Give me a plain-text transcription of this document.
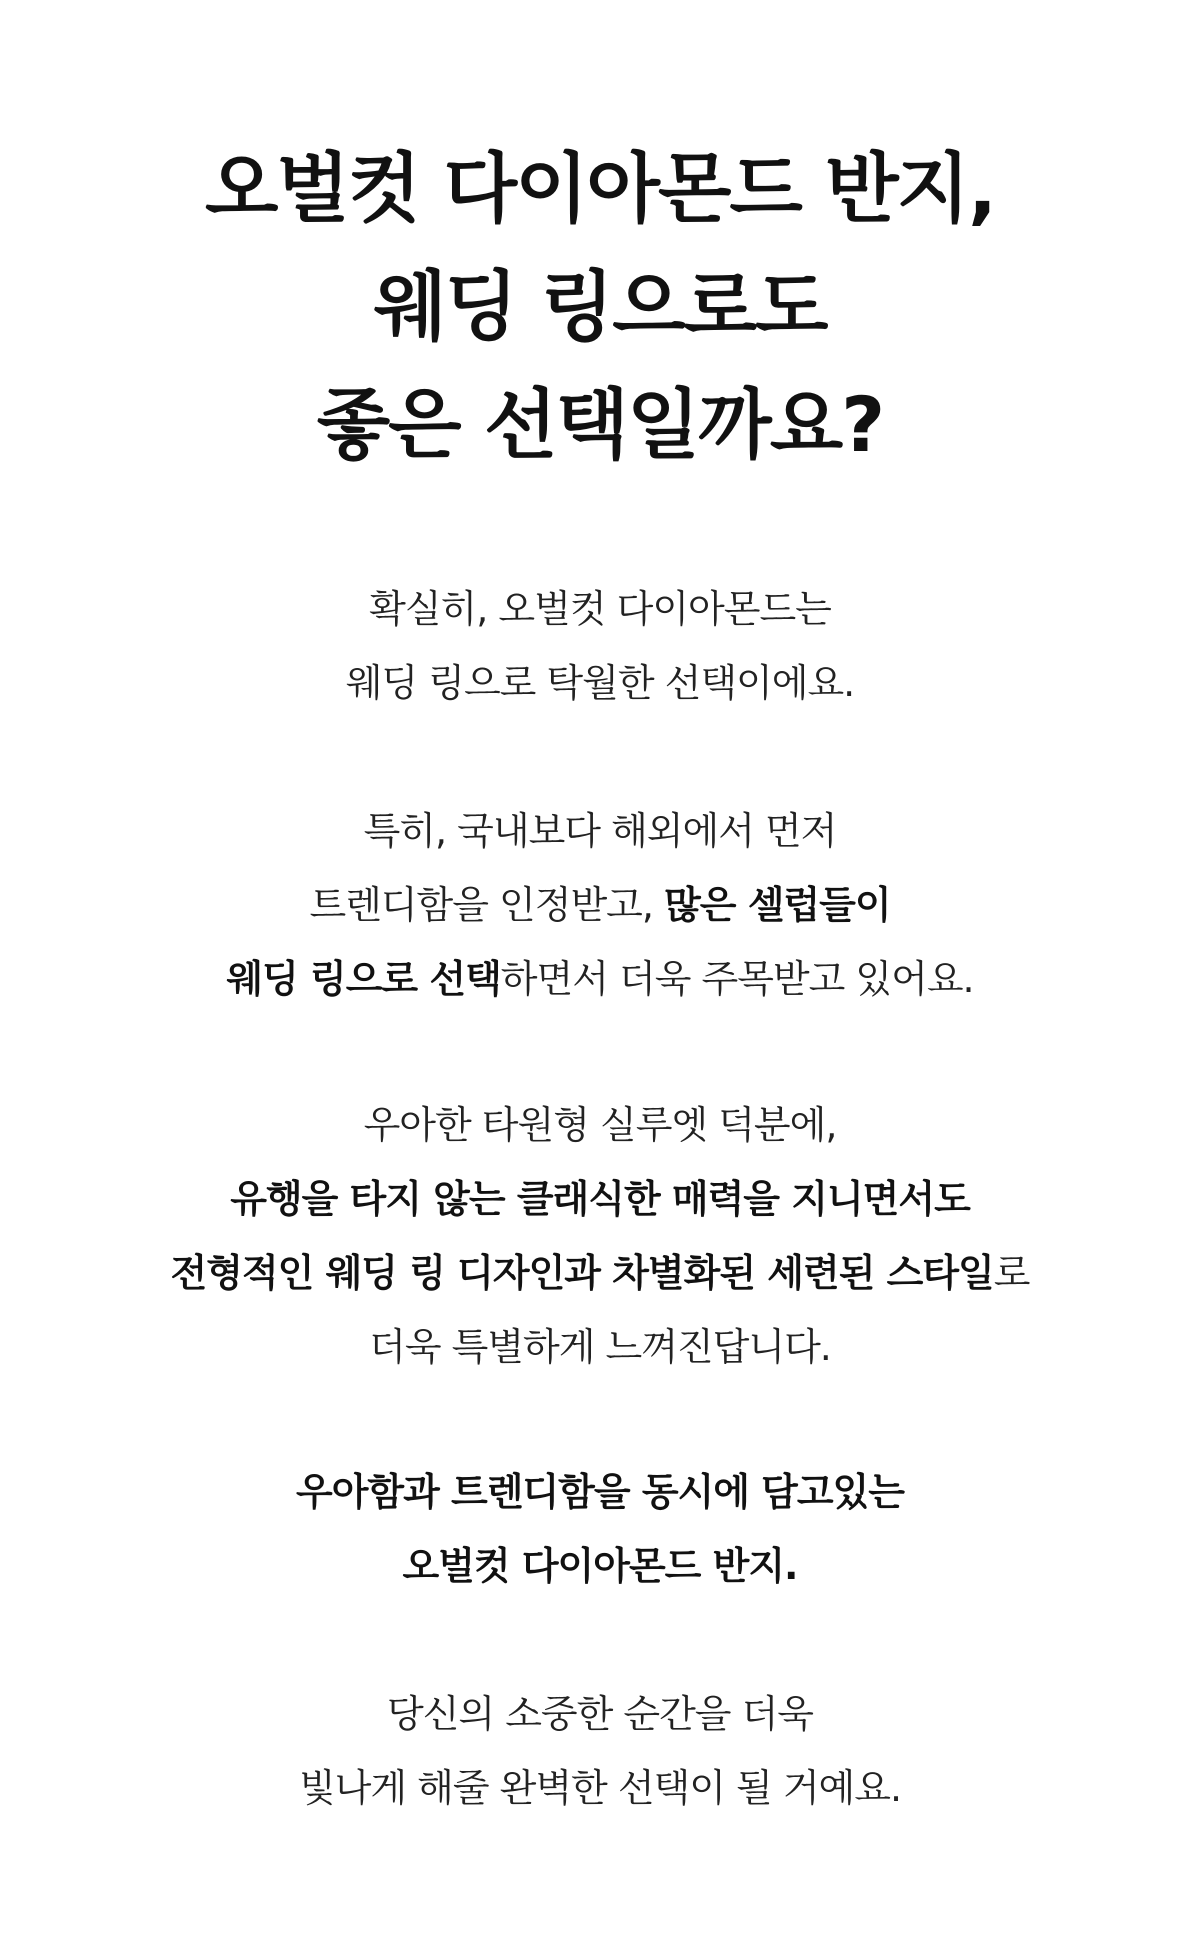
오벌컷 다이아몬드 반지,
웨딩 링으로도
좋은 선택일까요?

확실히, 오벌컷 다이아몬드는
웨딩 링으로 탁월한 선택이에요.

특히, 국내보다 해외에서 먼저
트렌디함을 인정받고, 많은 셀럽들이
웨딩 링으로 선택하면서 더욱 주목받고 있어요.

우아한 타원형 실루엣 덕분에,
유행을 타지 않는 클래식한 매력을 지니면서도
전형적인 웨딩 링 디자인과 차별화된 세련된 스타일로
더욱 특별하게 느껴진답니다.

우아함과 트렌디함을 동시에 담고있는
오벌컷 다이아몬드 반지.

당신의 소중한 순간을 더욱
빛나게 해줄 완벽한 선택이 될 거예요.
